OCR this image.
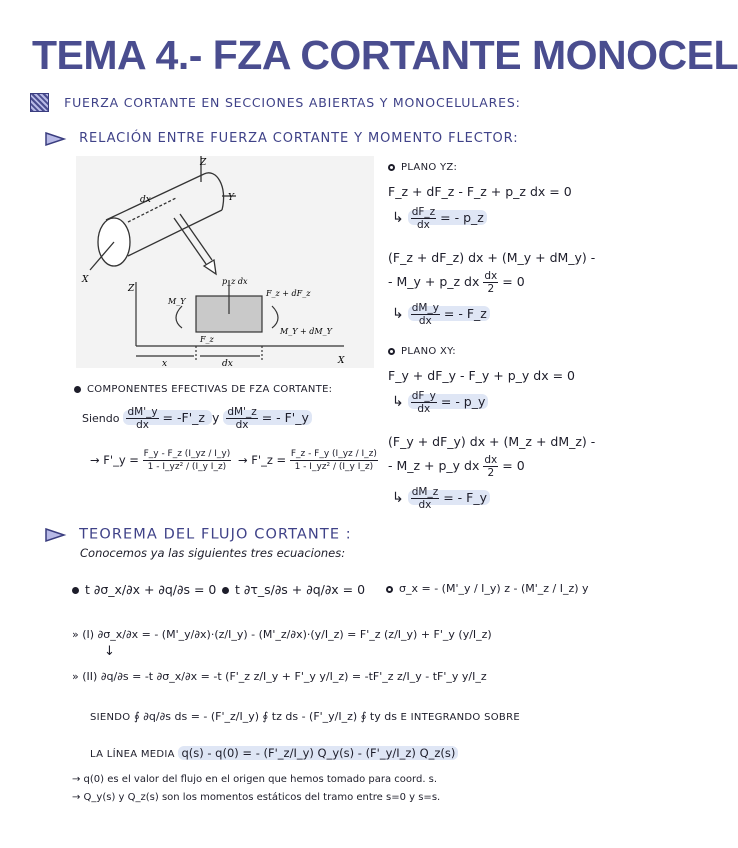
TEMA 4.- FZA CORTANTE MONOCEL
FUERZA CORTANTE EN SECCIONES ABIERTAS Y MONOCELULARES:
RELACIÓN ENTRE FUERZA CORTANTE Y MOMENTO FLECTOR:
Z
Y
X
dx
Z
p_z dx
M_Y
F_z + dF_z
F_z
M_Y + dM_Y
x	dx	X
PLANO YZ:
F_z + dF_z - F_z + p_z dx = 0
↳ $\frac{dF\_z}{dx}$ = - p_z
(F_z + dF_z) dx + (M_y + dM_y) -
- M_y + p_z dx $\frac{dx}{2} = 0$
↳ $\frac{dM\_y}{dx}$ = - F_z
PLANO XY:
F_y + dF_y - F_y + p_y dx = 0
↳ $\frac{dF\_y}{dx}$ = - p_y
(F_y + dF_y) dx + (M_z + dM_z) -
- M_z + p_y dx $\frac{dx}{2} = 0$
↳ $\frac{dM\_z}{dx}$ = - F_y
COMPONENTES EFECTIVAS DE FZA CORTANTE:
Siendo $\frac{dM'\_y}{dx}$ = -F'_z y $\frac{dM'\_z}{dx}$ = - F'_y
→ F'_y = $\frac{F\_y - F\_z (I\_yz / I\_y)}{\text{1 - I\_yz² / (I\_y I\_z)}}$ → F'_z = $\frac{F\_z - F\_y (I\_yz / I\_z)}{\text{1 - I\_yz² / (I\_y I\_z)}}$
TEOREMA DEL FLUJO CORTANTE :
Conocemos ya las siguientes tres ecuaciones:
t ∂σ_x/∂x + ∂q/∂s = 0	t ∂τ_s/∂s + ∂q/∂x = 0	σ_x = - (M'_y / I_y) z - (M'_z / I_z) y
» (I) ∂σ_x/∂x = - (M'_y/∂x)·(z/I_y) - (M'_z/∂x)·(y/I_z) = F'_z (z/I_y) + F'_y (y/I_z)
↓
» (II) ∂q/∂s = -t ∂σ_x/∂x = -t (F'_z z/I_y + F'_y y/I_z) = -tF'_z z/I_y - tF'_y y/I_z
SIENDO ∮ ∂q/∂s ds = - (F'_z/I_y) ∮ tz ds - (F'_y/I_z) ∮ ty ds E INTEGRANDO SOBRE
LA LÍNEA MEDIA q(s) - q(0) = - (F'_z/I_y) Q_y(s) - (F'_y/I_z) Q_z(s)
→ q(0) es el valor del flujo en el origen que hemos tomado para coord. s.
→ Q_y(s) y Q_z(s) son los momentos estáticos del tramo entre s=0 y s=s.
